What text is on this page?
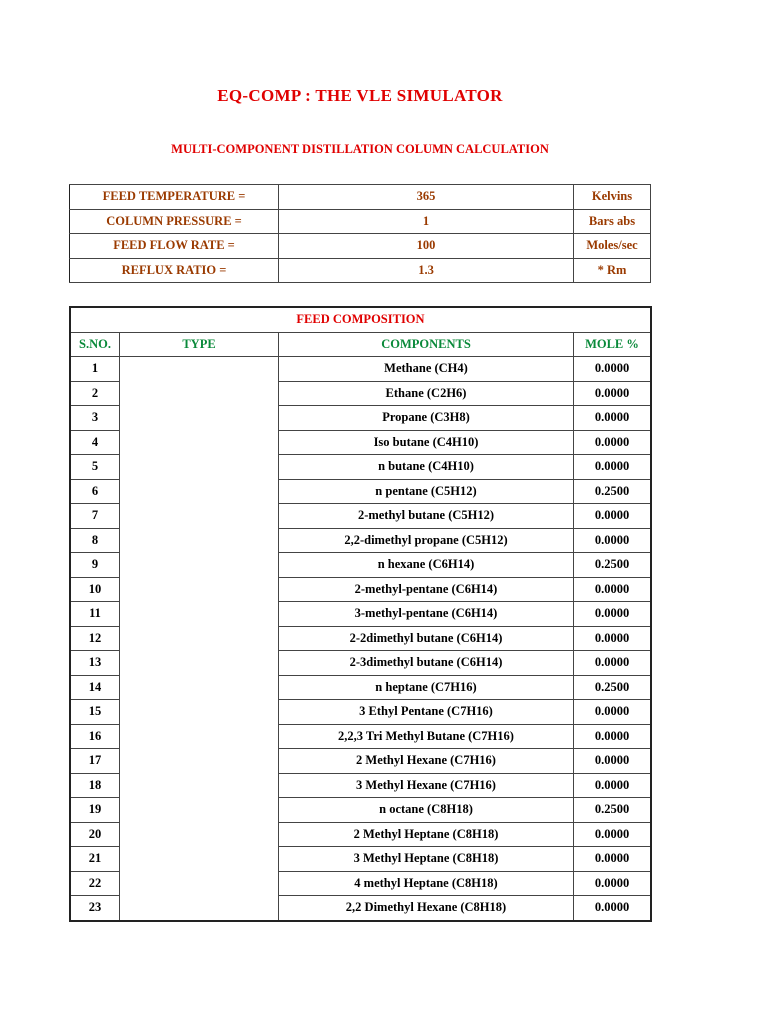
EQ-COMP : THE VLE SIMULATOR
MULTI-COMPONENT DISTILLATION COLUMN CALCULATION
FEED TEMPERATURE =	365	Kelvins
COLUMN PRESSURE =	1	Bars abs
FEED FLOW RATE =	100	Moles/sec
REFLUX RATIO =	1.3	* Rm
FEED COMPOSITION			
S.NO.	TYPE	COMPONENTS	MOLE %
1		Methane (CH4)	0.0000
2		Ethane (C2H6)	0.0000
3		Propane (C3H8)	0.0000
4		Iso butane (C4H10)	0.0000
5		n butane (C4H10)	0.0000
6		n pentane (C5H12)	0.2500
7		2-methyl butane (C5H12)	0.0000
8		2,2-dimethyl propane (C5H12)	0.0000
9		n hexane (C6H14)	0.2500
10		2-methyl-pentane (C6H14)	0.0000
11		3-methyl-pentane (C6H14)	0.0000
12		2-2dimethyl butane (C6H14)	0.0000
13		2-3dimethyl butane (C6H14)	0.0000
14		n heptane (C7H16)	0.2500
15		3 Ethyl Pentane (C7H16)	0.0000
16		2,2,3 Tri Methyl Butane (C7H16)	0.0000
17		2 Methyl Hexane (C7H16)	0.0000
18		3 Methyl Hexane (C7H16)	0.0000
19		n octane (C8H18)	0.2500
20		2 Methyl Heptane (C8H18)	0.0000
21		3 Methyl Heptane (C8H18)	0.0000
22		4 methyl Heptane (C8H18)	0.0000
23		2,2 Dimethyl Hexane (C8H18)	0.0000
